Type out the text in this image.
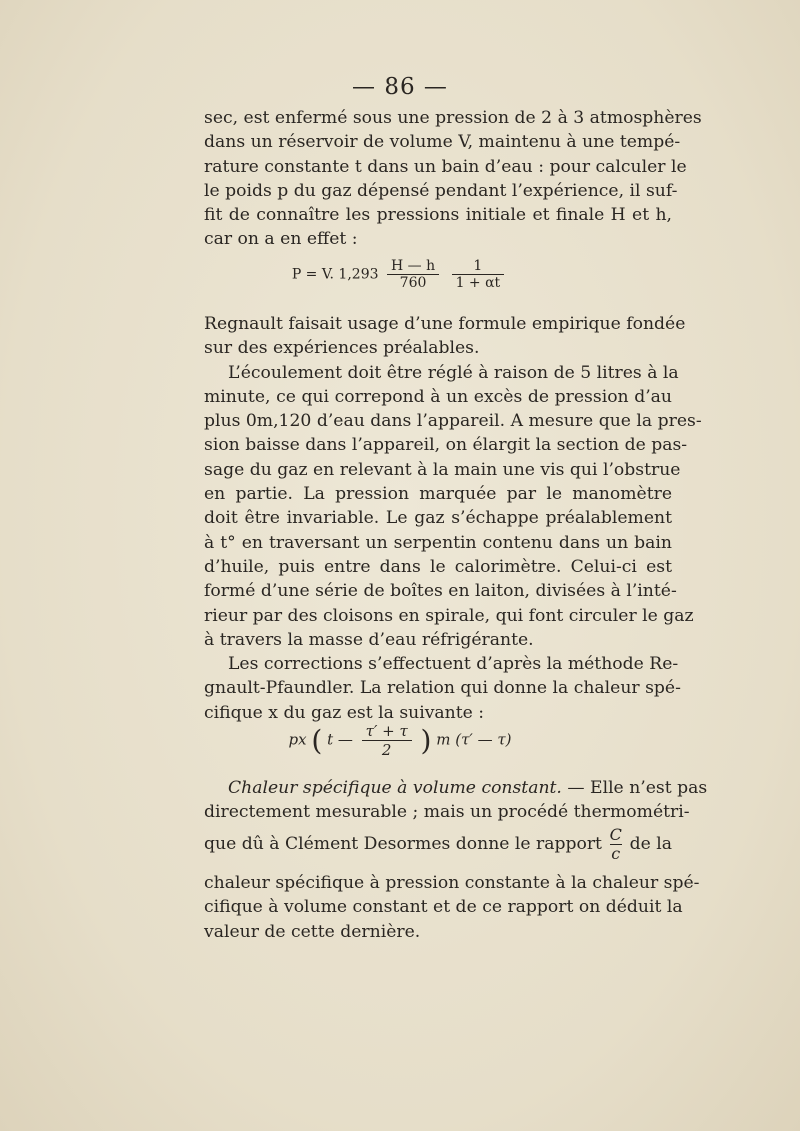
— 86 —
sec, est enfermé sous une pression de 2 à 3 atmosphères
dans un réservoir de volume V, maintenu à une tempé-
rature constante t dans un bain d’eau : pour calculer le
le poids p du gaz dépensé pendant l’expérience, il suf-
fit de connaître les pressions initiale et finale H et h,
car on a en effet :
P = V. $1,293 \frac{H — h}{760}$
$\frac{1}{1 + \alpha t}$
Regnault faisait usage d’une formule empirique fondée
sur des expériences préalables.
L’écoulement doit être réglé à raison de 5 litres à la
minute, ce qui correpond à un excès de pression d’au
plus 0m,120 d’eau dans l’appareil. A mesure que la pres-
sion baisse dans l’appareil, on élargit la section de pas-
sage du gaz en relevant à la main une vis qui l’obstrue
en partie. La pression marquée par le manomètre
doit être invariable. Le gaz s’échappe préalablement
à t° en traversant un serpentin contenu dans un bain
d’huile, puis entre dans le calorimètre. Celui-ci est
formé d’une série de boîtes en laiton, divisées à l’inté-
rieur par des cloisons en spirale, qui font circuler le gaz
à travers la masse d’eau réfrigérante.
Les corrections s’effectuent d’après la méthode Re-
gnault-Pfaundler. La relation qui donne la chaleur spé-
cifique x du gaz est la suivante :
px ( t — $\frac{\tau' + \tau}{2}$ ) m (τ′ — τ)
Chaleur spécifique à volume constant. — Elle n’est pas
directement mesurable ; mais un procédé thermométri-
que dû à Clément Desormes donne le rapport $\frac{C}{c}$ de la
chaleur spécifique à pression constante à la chaleur spé-
cifique à volume constant et de ce rapport on déduit la
valeur de cette dernière.
